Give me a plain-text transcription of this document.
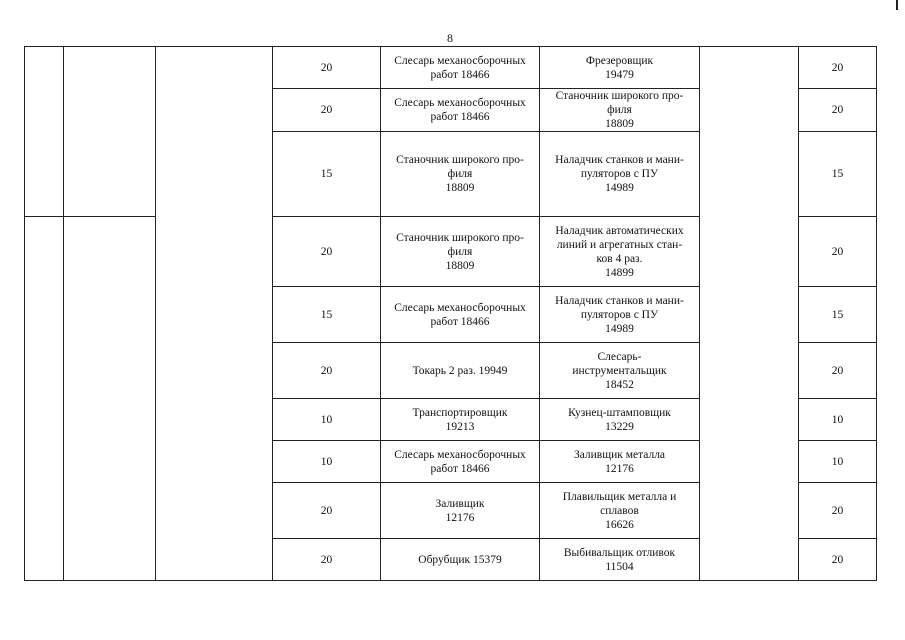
8

			20	Слесарь механосборочных
работ 18466	Фрезеровщик
19479		20

			20	Слесарь механосборочных
работ 18466	Станочник широкого про-
филя
18809		20

			15	Станочник широкого про-
филя
18809	Наладчик станков и мани-
пуляторов с ПУ
14989		15

			20	Станочник широкого про-
филя
18809	Наладчик автоматических
линий и агрегатных стан-
ков 4 раз.
14899		20

			15	Слесарь механосборочных
работ 18466	Наладчик станков и мани-
пуляторов с ПУ
14989		15

			20	Токарь 2 раз. 19949	Слесарь-
инструментальщик
18452		20

			10	Транспортировщик
19213	Кузнец-штамповщик
13229		10

			10	Слесарь механосборочных
работ 18466	Заливщик металла
12176		10

			20	Заливщик
12176	Плавильщик металла и
сплавов
16626		20

			20	Обрубщик 15379	Выбивальщик отливок
11504		20
